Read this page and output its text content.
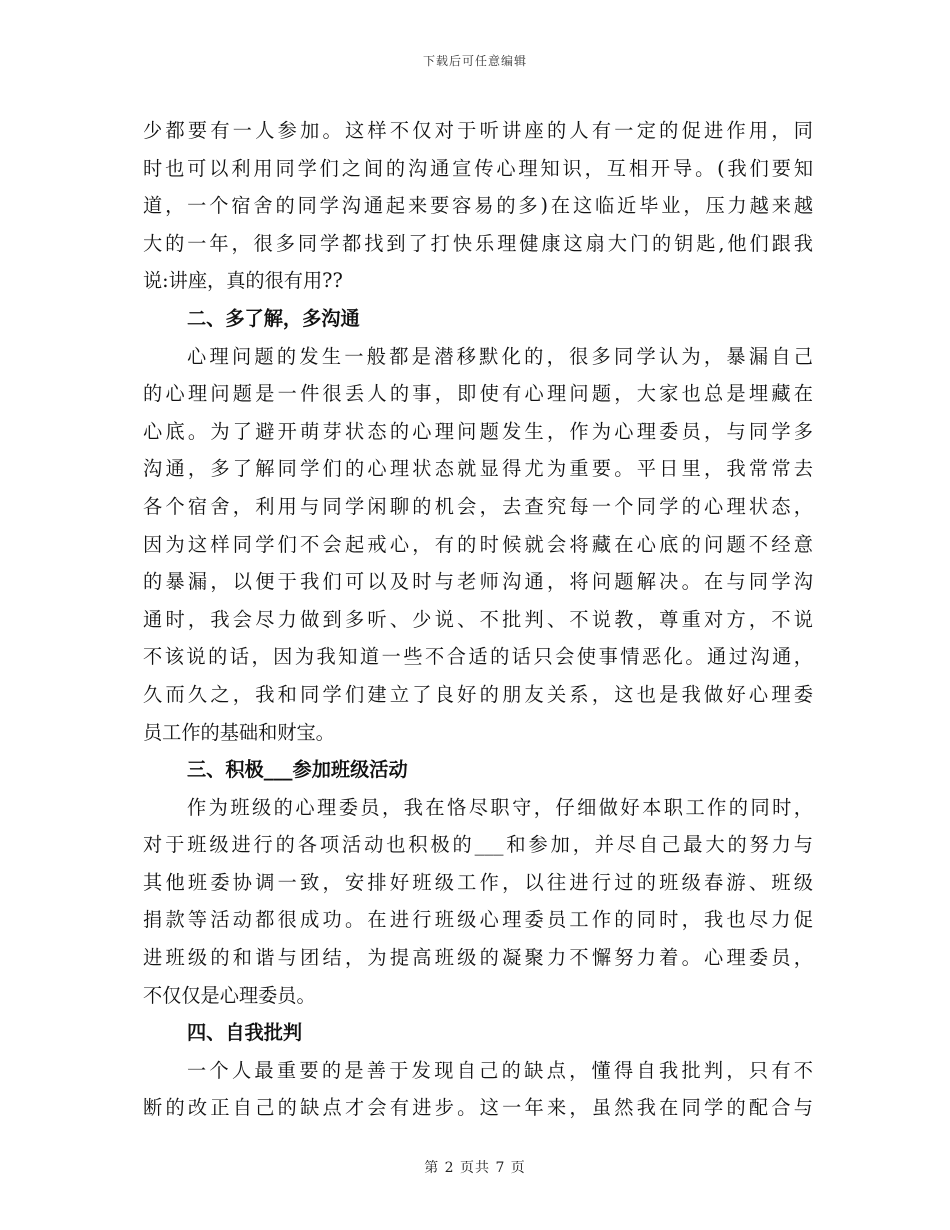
下载后可任意编辑
少都要有一人参加。这样不仅对于听讲座的人有一定的促进作用，同
时也可以利用同学们之间的沟通宣传心理知识，互相开导。(我们要知
道，一个宿舍的同学沟通起来要容易的多)在这临近毕业，压力越来越
大的一年，很多同学都找到了打快乐理健康这扇大门的钥匙,他们跟我
说:讲座，真的很有用??
二、多了解，多沟通
心理问题的发生一般都是潜移默化的，很多同学认为，暴漏自己
的心理问题是一件很丢人的事，即使有心理问题，大家也总是埋藏在
心底。为了避开萌芽状态的心理问题发生，作为心理委员，与同学多
沟通，多了解同学们的心理状态就显得尤为重要。平日里，我常常去
各个宿舍，利用与同学闲聊的机会，去查究每一个同学的心理状态，
因为这样同学们不会起戒心，有的时候就会将藏在心底的问题不经意
的暴漏，以便于我们可以及时与老师沟通，将问题解决。在与同学沟
通时，我会尽力做到多听、少说、不批判、不说教，尊重对方，不说
不该说的话，因为我知道一些不合适的话只会使事情恶化。通过沟通，
久而久之，我和同学们建立了良好的朋友关系，这也是我做好心理委
员工作的基础和财宝。
三、积极___参加班级活动
作为班级的心理委员，我在恪尽职守，仔细做好本职工作的同时，
对于班级进行的各项活动也积极的___和参加，并尽自己最大的努力与
其他班委协调一致，安排好班级工作，以往进行过的班级春游、班级
捐款等活动都很成功。在进行班级心理委员工作的同时，我也尽力促
进班级的和谐与团结，为提高班级的凝聚力不懈努力着。心理委员，
不仅仅是心理委员。
四、自我批判
一个人最重要的是善于发现自己的缺点，懂得自我批判，只有不
断的改正自己的缺点才会有进步。这一年来，虽然我在同学的配合与
第 2 页共 7 页
